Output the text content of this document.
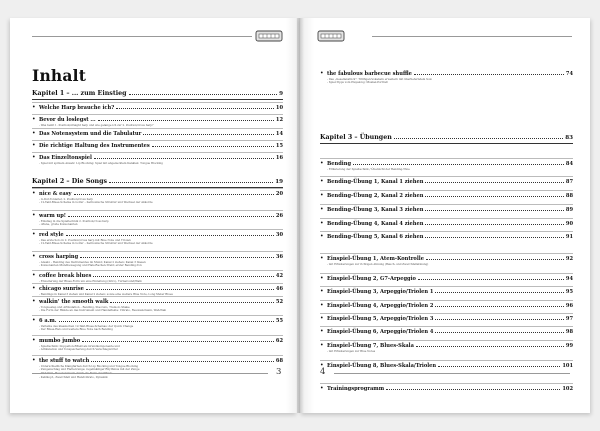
Inhalt
Kapitel 1 – ... zum Einstieg	9
• Welche Harp brauche ich?	10
• Bevor du loslegst ...	12
- Was heißt 1. Position/straight harp und wie gelange ich zur 2. Position/cross harp?
• Das Notensystem und die Tabulatur	14
• Die richtige Haltung des Instrumentes	15
• Das Einzeltonspiel	16
- Spiel mit spitzem Ansatz: Lip Blocking; Spiel mit abgedecktem Kanälen: Tongue Blocking
Kapitel 2 – Die Songs	19
• nice & easy	20
- G-Dur-Tonleiter, 2. Position/cross harp
- 12-Takt-Blues-Schema in G-Dur – harmonische Struktur und Wechsel der Akkorde
• warm up!	26
- Einstieg in die Spieltechnik 2. Position/cross harp
- offene, große Konsonanten
• red style	30
- Das erste Solo in 2. Position/cross harp mit Blue Note und Triolen
- 12-Takt-Blues-Schema in G-Dur – harmonische Struktur und Wechsel der Akkorde
• cross harping	36
- Ansatz – Bending des Instrumentes im Mund; Kanal 2 ziehen; Kanal 3 blasen
- Konsonanten Mundbewegung und Hals-Rachen-Trakt; erster Bending-Ton
• coffee break blues	42
- Erweiterung der Blues-Form um eine Einleitung (Intro), Turnaround/Walk
• chicago sunrise	46
- Bendings in Kanal 3 ziehen und Kanal 2 ziehen; sowie eine weitere Blue Note, Long Meter Blues
• walkin’ the smooth walk	52
- Tongueslap und Artikulation – Bending, Staccato, Tremolo Shake
- Die Form der Hände an das Instrument und Handeffekte: Vibrato, Resonanzraum, Wah-Wah
• 6 a.m.	55
- Variante des klassischen 12-Takt-Blues-Schemas: der Quick Change
- Der Blues-Halo und weitere Blue Note nach Bending
• mumbo jumbo	62
- Spieltechnik: Doppelton-Effekt als Grundkomponente und
- Artikulation und Tonspeicherung durch Verschlagwörter
• the stuff to watch	68
- Unterschiedliche Klangfarben durch Lip Blocking und Tongue Blocking
- Zungenschlag und Flatterzunge; regelmäßiger Rhythmus mit der Zunge
- Wah-Wah, Resonanzraum durch die Form der Hände
- Kehlkopf-, Zwerchfell und Handvibrato, Dynamik	3
• the fabulous barbecue shuffle	74
- Das „Gesellenstück": Trillfigen-Vokabeln erweitern mit überlieferndem Solo
- Spiel-Tipps vom Playalong: Muskel-Portrait
Kapitel 3 – Übungen	83
• Bending	84
- Erläuterung der Spieltechnik / Übersicht der Bending-Töne
• Bending-Übung 1, Kanal 1 ziehen	87
• Bending-Übung 2, Kanal 2 ziehen	88
• Bending-Übung 3, Kanal 3 ziehen	89
• Bending-Übung 4, Kanal 4 ziehen	90
• Bending-Übung 5, Kanal 6 ziehen	91
• Einspiel-Übung 1, Atem-Kontrolle	92
- mit Erläuterungen zur richtigen Atmung (Bauch- und Zwerchfellatmung)
• Einspiel-Übung 2, G7-Arpeggio	94
• Einspiel-Übung 3, Arpeggio/Triolen 1	95
• Einspiel-Übung 4, Arpeggio/Triolen 2	96
• Einspiel-Übung 5, Arpeggio/Triolen 3	97
• Einspiel-Übung 6, Arpeggio/Triolen 4	98
• Einspiel-Übung 7, Blues-Skala	99
- mit Erläuterungen zur Blue Notes
• Einspiel-Übung 8, Blues-Skala/Triolen	101
• Trainingsprogramm	102
4
